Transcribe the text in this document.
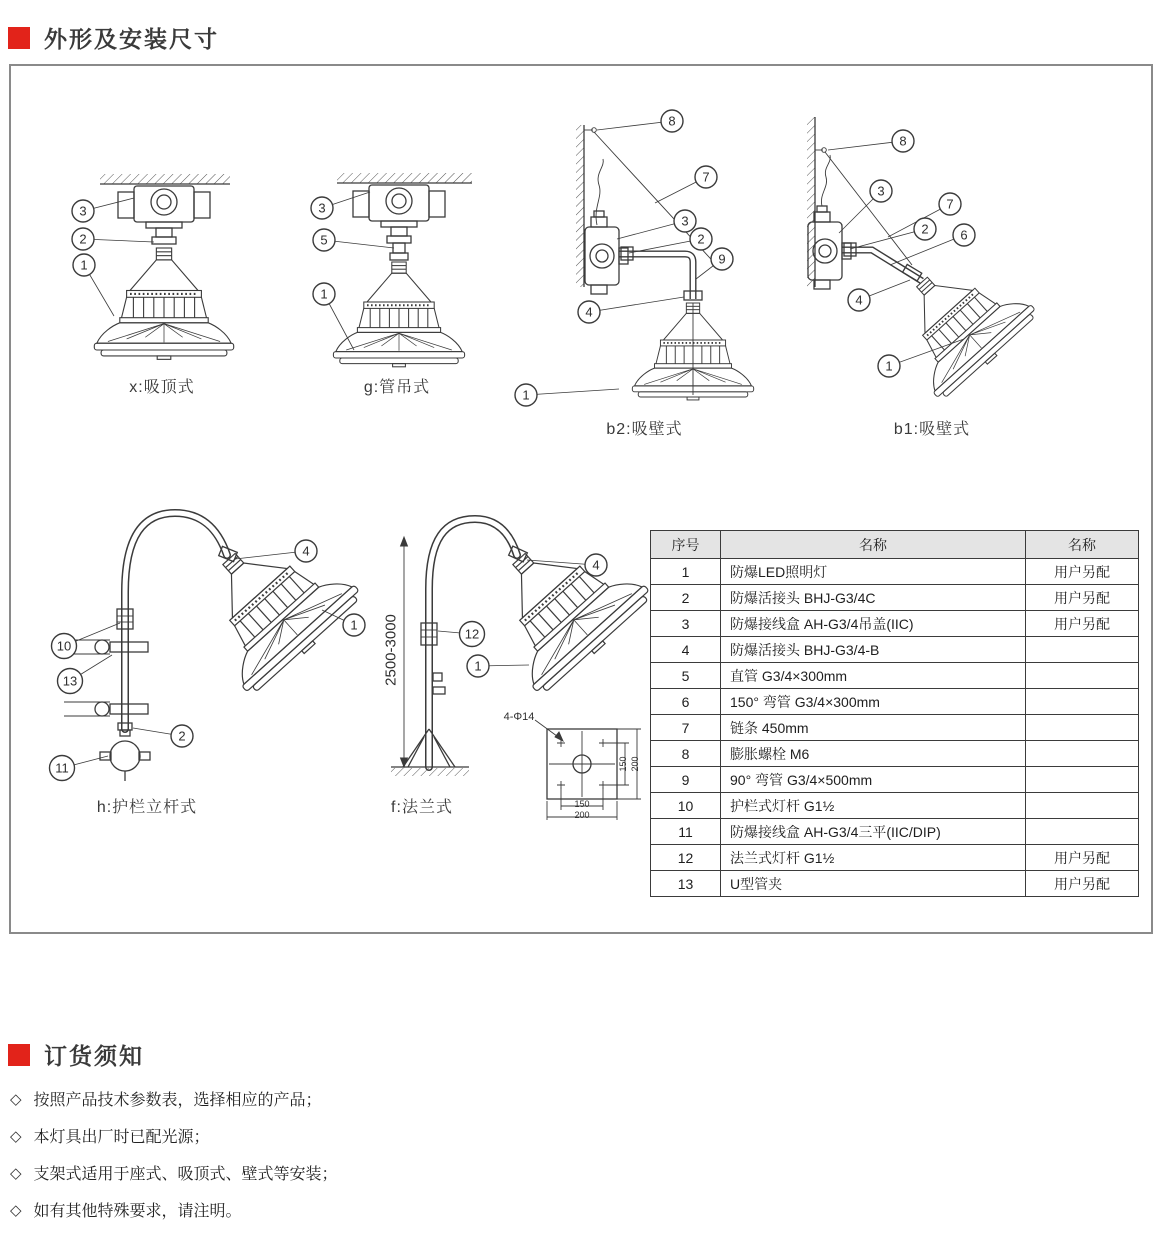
外形及安装尺寸
3
2
1
3
5
1
8
7
3
2
9
4
1
8
3
7
2 6
4
1
4
1
10
13
2
11
4
12
1
2500-3000
4-Φ14
150 200
150
200
x:吸顶式	g:管吊式
b2:吸壁式	b1:吸壁式
h:护栏立杆式	f:法兰式
序号	名称	名称
1	防爆LED照明灯	用户另配
2	防爆活接头 BHJ-G3/4C	用户另配
3	防爆接线盒 AH-G3/4吊盖(IIC)	用户另配
4	防爆活接头 BHJ-G3/4-B	
5	直管 G3/4×300mm	
6	150° 弯管 G3/4×300mm	
7	链条 450mm	
8	膨胀螺栓 M6	
9	90° 弯管 G3/4×500mm	
10	护栏式灯杆 G1½	
11	防爆接线盒 AH-G3/4三平(IIC/DIP)	
12	法兰式灯杆 G1½	用户另配
13	U型管夹	用户另配
订货须知
◇ 按照产品技术参数表，选择相应的产品；
◇ 本灯具出厂时已配光源；
◇ 支架式适用于座式、吸顶式、壁式等安装；
◇ 如有其他特殊要求，请注明。
